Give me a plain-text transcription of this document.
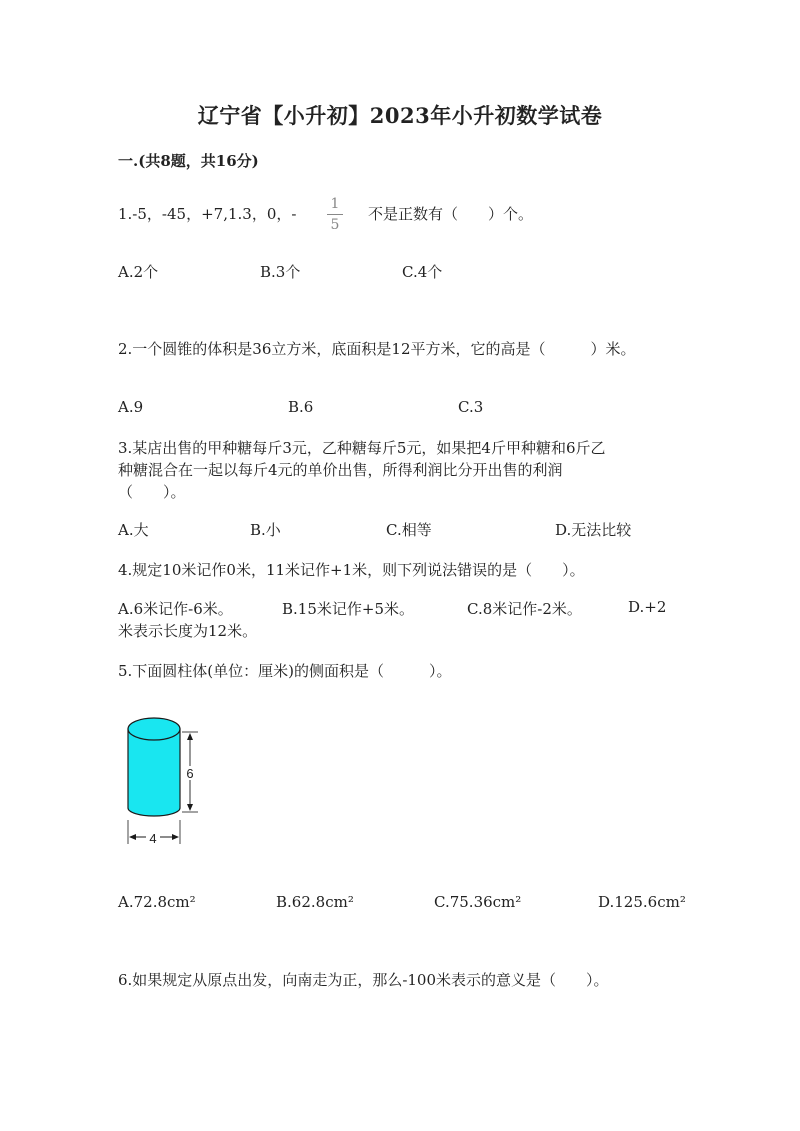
辽宁省【小升初】2023年小升初数学试卷
一.(共8题，共16分)
1.-5，-45，+7,1.3，0，-
1
5
不是正数有（　　）个。
A.2个	B.3个	C.4个
2.一个圆锥的体积是36立方米，底面积是12平方米，它的高是（　　　）米。
A.9	B.6	C.3
3.某店出售的甲种糖每斤3元，乙种糖每斤5元，如果把4斤甲种糖和6斤乙
种糖混合在一起以每斤4元的单价出售，所得利润比分开出售的利润
（　　）。
A.大	B.小	C.相等	D.无法比较
4.规定10米记作0米，11米记作+1米，则下列说法错误的是（　　）。
A.6米记作-6米。	B.15米记作+5米。	C.8米记作-2米。	D.+2
米表示长度为12米。
5.下面圆柱体(单位：厘米)的侧面积是（　　　）。
6
4
A.72.8cm²	B.62.8cm²	C.75.36cm²	D.125.6cm²
6.如果规定从原点出发，向南走为正，那么-100米表示的意义是（　　）。
